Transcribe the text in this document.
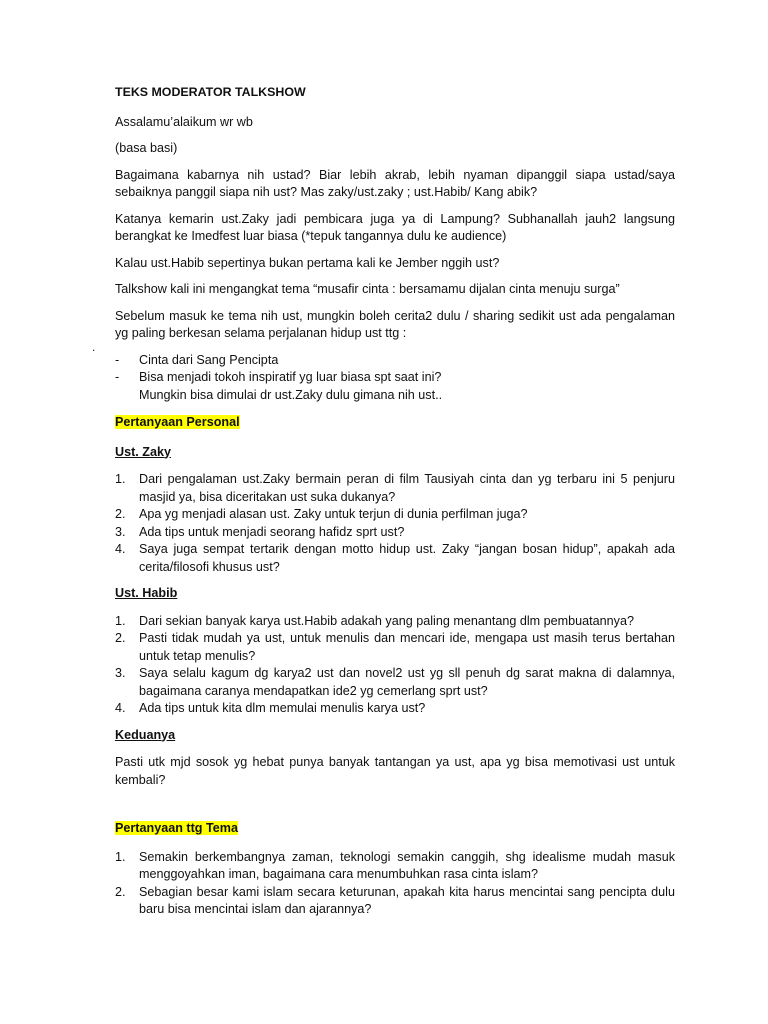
TEKS MODERATOR TALKSHOW

Assalamu’alaikum wr wb

(basa basi)

Bagaimana kabarnya nih ustad? Biar lebih akrab, lebih nyaman dipanggil siapa ustad/saya sebaiknya panggil siapa nih ust? Mas zaky/ust.zaky ; ust.Habib/ Kang abik?

Katanya kemarin ust.Zaky jadi pembicara juga ya di Lampung? Subhanallah jauh2 langsung berangkat ke Imedfest luar biasa (*tepuk tangannya dulu ke audience)

Kalau ust.Habib sepertinya bukan pertama kali ke Jember nggih ust?

Talkshow kali ini mengangkat tema “musafir cinta : bersamamu dijalan cinta menuju surga”

Sebelum masuk ke tema nih ust, mungkin boleh cerita2 dulu / sharing sedikit ust ada pengalaman yg paling berkesan selama perjalanan hidup ust ttg :

- Cinta dari Sang Pencipta
- Bisa menjadi tokoh inspiratif yg luar biasa spt saat ini?
Mungkin bisa dimulai dr ust.Zaky dulu gimana nih ust..
Pertanyaan Personal
Ust. Zaky
1. Dari pengalaman ust.Zaky bermain peran di film Tausiyah cinta dan yg terbaru ini 5 penjuru masjid ya, bisa diceritakan ust suka dukanya?
2. Apa yg menjadi alasan ust. Zaky untuk terjun di dunia perfilman juga?
3. Ada tips untuk menjadi seorang hafidz sprt ust?
4. Saya juga sempat tertarik dengan motto hidup ust. Zaky “jangan bosan hidup”, apakah ada cerita/filosofi khusus ust?
Ust. Habib
1. Dari sekian banyak karya ust.Habib adakah yang paling menantang dlm pembuatannya?
2. Pasti tidak mudah ya ust, untuk menulis dan mencari ide, mengapa ust masih terus bertahan untuk tetap menulis?
3. Saya selalu kagum dg karya2 ust dan novel2 ust yg sll penuh dg sarat makna di dalamnya, bagaimana caranya mendapatkan ide2 yg cemerlang sprt ust?
4. Ada tips untuk kita dlm memulai menulis karya ust?
Keduanya

Pasti utk mjd sosok yg hebat punya banyak tantangan ya ust, apa yg bisa memotivasi ust untuk kembali?

Pertanyaan ttg Tema
1. Semakin berkembangnya zaman, teknologi semakin canggih, shg idealisme mudah masuk menggoyahkan iman, bagaimana cara menumbuhkan rasa cinta islam?
2. Sebagian besar kami islam secara keturunan, apakah kita harus mencintai sang pencipta dulu baru bisa mencintai islam dan ajarannya?
.
